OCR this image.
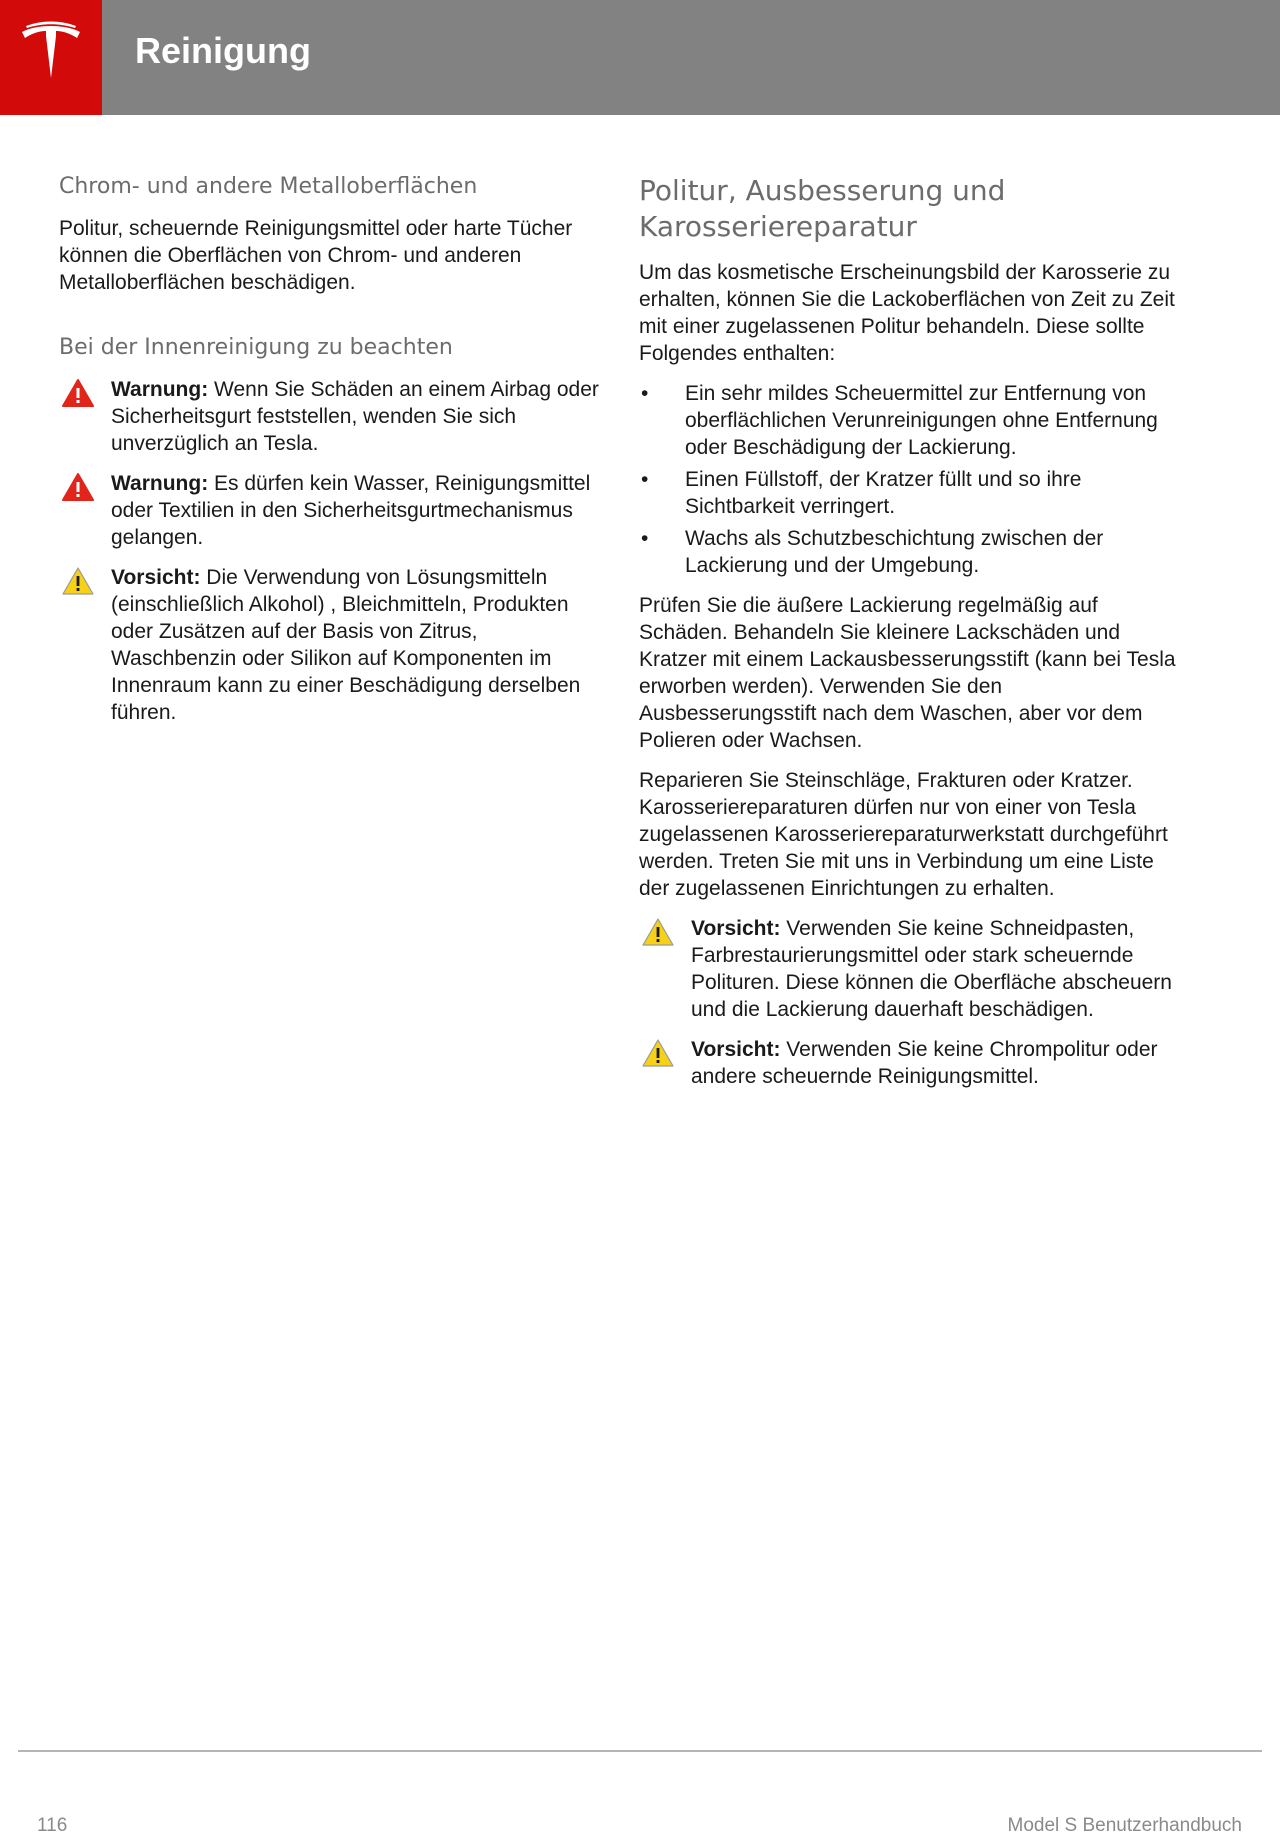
Reinigung
Chrom- und andere Metalloberflächen

Politur, scheuernde Reinigungsmittel oder harte Tücher können die Oberflächen von Chrom- und anderen Metalloberflächen beschädigen.

Bei der Innenreinigung zu beachten

Warnung: Wenn Sie Schäden an einem Airbag oder Sicherheitsgurt feststellen, wenden Sie sich unverzüglich an Tesla.

Warnung: Es dürfen kein Wasser, Reinigungsmittel oder Textilien in den Sicherheitsgurtmechanismus gelangen.

Vorsicht: Die Verwendung von Lösungsmitteln (einschließlich Alkohol) , Bleichmitteln, Produkten oder Zusätzen auf der Basis von Zitrus, Waschbenzin oder Silikon auf Komponenten im Innenraum kann zu einer Beschädigung derselben führen.

Politur, Ausbesserung und Karosseriereparatur

Um das kosmetische Erscheinungsbild der Karosserie zu erhalten, können Sie die Lackoberflächen von Zeit zu Zeit mit einer zugelassenen Politur behandeln. Diese sollte Folgendes enthalten:

• Ein sehr mildes Scheuermittel zur Entfernung von oberflächlichen Verunreinigungen ohne Entfernung oder Beschädigung der Lackierung.
• Einen Füllstoff, der Kratzer füllt und so ihre Sichtbarkeit verringert.
• Wachs als Schutzbeschichtung zwischen der Lackierung und der Umgebung.

Prüfen Sie die äußere Lackierung regelmäßig auf Schäden. Behandeln Sie kleinere Lackschäden und Kratzer mit einem Lackausbesserungsstift (kann bei Tesla erworben werden). Verwenden Sie den Ausbesserungsstift nach dem Waschen, aber vor dem Polieren oder Wachsen.

Reparieren Sie Steinschläge, Frakturen oder Kratzer. Karosseriereparaturen dürfen nur von einer von Tesla zugelassenen Karosseriereparaturwerkstatt durchgeführt werden. Treten Sie mit uns in Verbindung um eine Liste der zugelassenen Einrichtungen zu erhalten.

Vorsicht: Verwenden Sie keine Schneidpasten, Farbrestaurierungsmittel oder stark scheuernde Polituren. Diese können die Oberfläche abscheuern und die Lackierung dauerhaft beschädigen.

Vorsicht: Verwenden Sie keine Chrompolitur oder andere scheuernde Reinigungsmittel.

116	Model S Benutzerhandbuch
